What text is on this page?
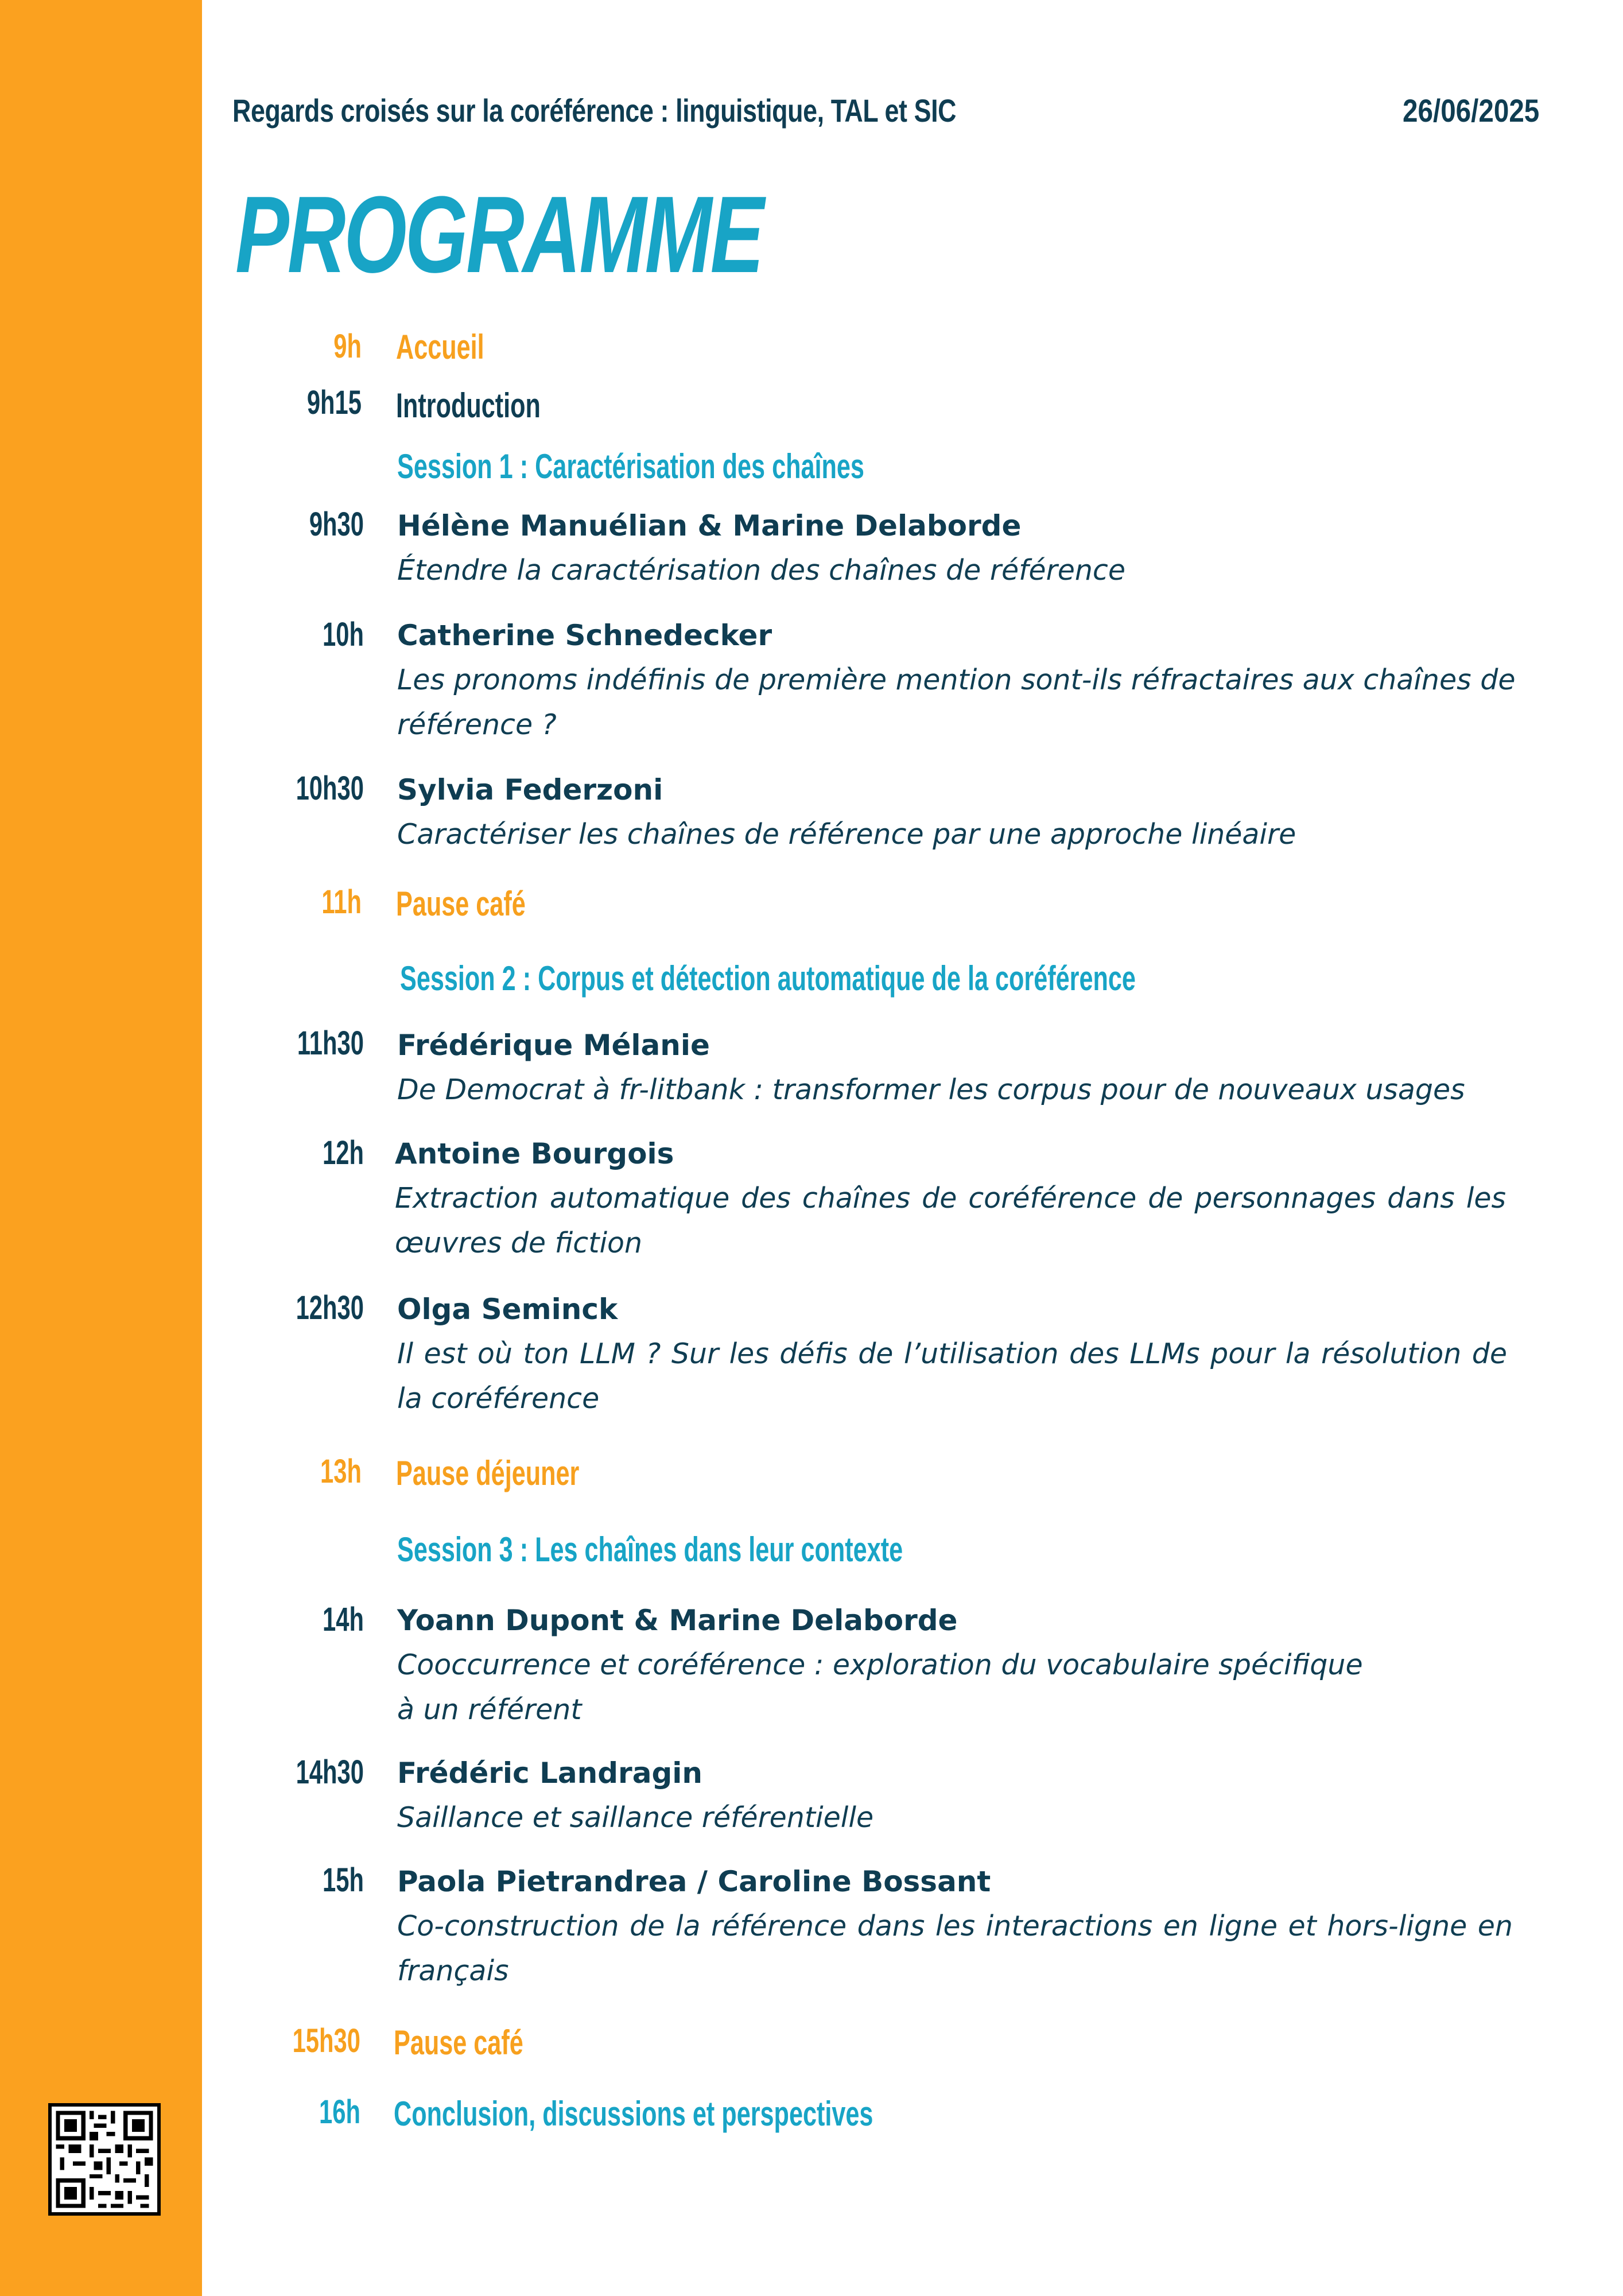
Regards croisés sur la coréférence : linguistique, TAL et SIC	26/06/2025
PROGRAMME
9h Accueil
9h15 Introduction
Session 1 : Caractérisation des chaînes
9h30 Hélène Manuélian & Marine Delaborde
Étendre la caractérisation des chaînes de référence
10h Catherine Schnedecker
Les pronoms indéfinis de première mention sont-ils réfractaires aux chaînes de référence ?
10h30 Sylvia Federzoni
Caractériser les chaînes de référence par une approche linéaire
11h Pause café
Session 2 : Corpus et détection automatique de la coréférence
11h30 Frédérique Mélanie
De Democrat à fr-litbank : transformer les corpus pour de nouveaux usages
12h Antoine Bourgois
Extraction automatique des chaînes de coréférence de personnages dans les œuvres de fiction
12h30 Olga Seminck
Il est où ton LLM ? Sur les défis de l’utilisation des LLMs pour la résolution de la coréférence
13h Pause déjeuner
Session 3 : Les chaînes dans leur contexte
14h Yoann Dupont & Marine Delaborde
Cooccurrence et coréférence : exploration du vocabulaire spécifique
à un référent
14h30 Frédéric Landragin
Saillance et saillance référentielle
15h Paola Pietrandrea / Caroline Bossant
Co-construction de la référence dans les interactions en ligne et hors-ligne en français
15h30 Pause café
16h Conclusion, discussions et perspectives
